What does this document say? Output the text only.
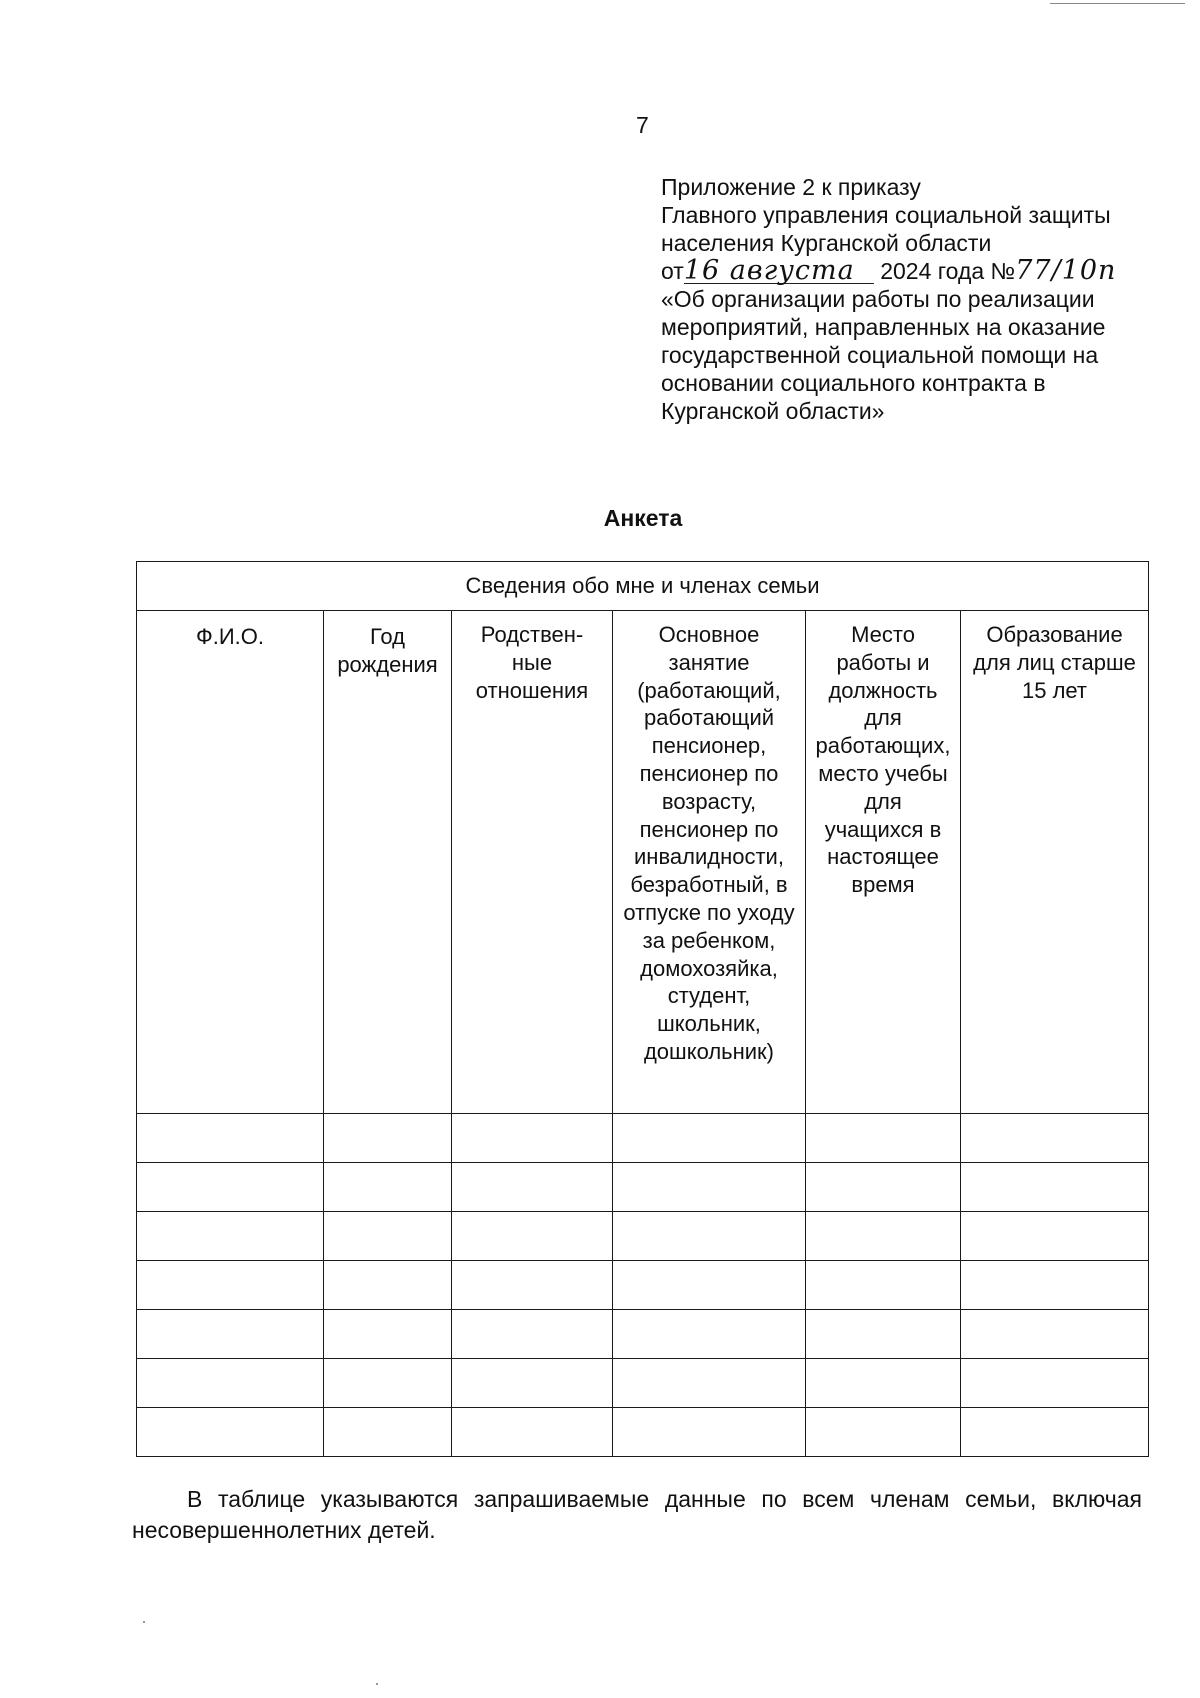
7
Приложение 2 к приказу
Главного управления социальной защиты
населения Курганской области
от16 августа 2024 года №77/10п
«Об организации работы по реализации
мероприятий, направленных на оказание
государственной социальной помощи на
основании социального контракта в
Курганской области»
Анкета
Сведения обо мне и членах семьи					

Ф.И.О.	Год рождения	Родствен-ные отношения	Основное занятие (работающий, работающий пенсионер, пенсионер по возрасту, пенсионер по инвалидности, безработный, в отпуске по уходу за ребенком, домохозяйка, студент, школьник, дошкольник)	Место работы и должность для работающих, место учебы для учащихся в настоящее время	Образование для лиц старше 15 лет

В таблице указываются запрашиваемые данные по всем членам семьи, включая несовершеннолетних детей.
